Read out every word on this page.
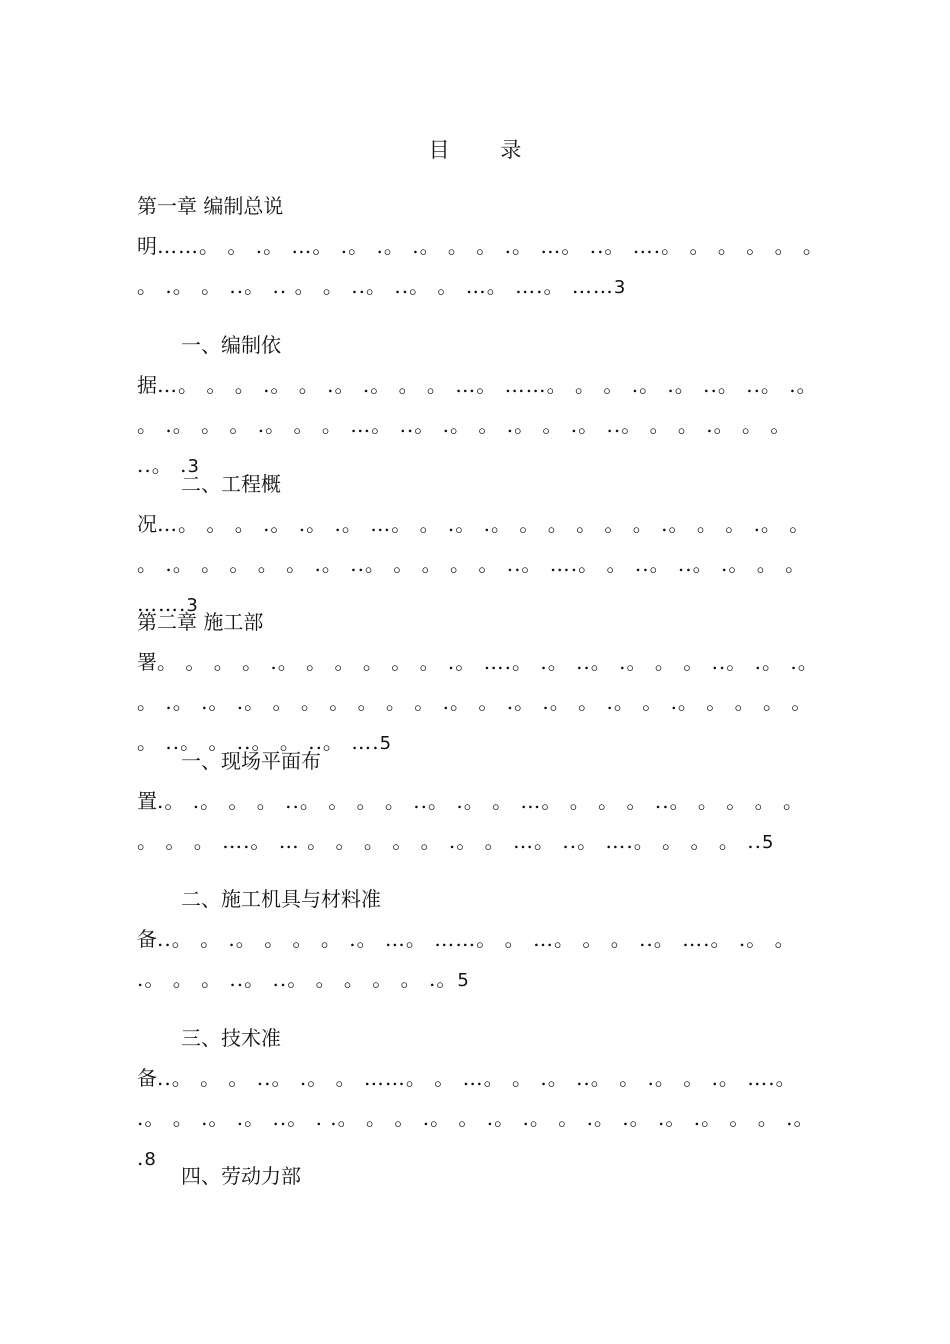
目 录
第一章 编制总说
明……。 。 .。 …。 .。 .。 .。 。 。 .。 …。 ..。 ….。 。 。 。 。 。 。 .。 。 ..。 .. 。 。 ..。 ..。 。 …。 ….。 ……3
一、编制依
据…。 。 。 .。 。 .。 .。 。 。 …。 ……。 。 。 .。 .。 ..。 ..。 .。 。 .。 。 。 .。 。 。 …。 ..。 .。 。 .。 。 .。 ..。 。 。 .。 。 。 ..。 .3
二、工程概
况…。 。 。 .。 .。 .。 …。 。 .。 .。 。 。 。 。 。 .。 。 。 .。 。 。 .。 。 。 。 。 .。 ..。 。 。 。 。 ..。 ….。 。 ..。 ..。 .。 。 。 …….3
第二章 施工部
署。 。 。 。 .。 。 。 。 。 。 .。 ….。 .。 ..。 .。 。 。 ..。 .。 .。 。 .。 .。 .。 。 。 。 。 。 。 .。 。 .。 .。 。 .。 。 .。 。 。 。 。 。 ..。 。 ..。 。 ..。 ….5
一、现场平面布
置.。 .。 。 。 ..。 。 。 。 ..。 .。 。 …。 。 。 。 ..。 。 。 。 。 。 。 。 ….。 … 。 。 。 。 。 .。 。 …。 ..。 ….。 。 。 。 ..5
二、施工机具与材料准
备..。 。 .。 。 。 。 .。 …。 ……。 。 …。 。 。 ..。 ….。 .。 。 .。 。 。 ..。 ..。 。 。 。 。 .。5
三、技术准
备..。 。 。 ..。 .。 。 ……。 。 …。 。 .。 ..。 。 .。 。 .。 ….。 .。 。 .。 .。 ..。 . .。 。 。 .。 。 .。 .。 。 .。 .。 .。 .。 。 。 .。 .8
四、劳动力部
